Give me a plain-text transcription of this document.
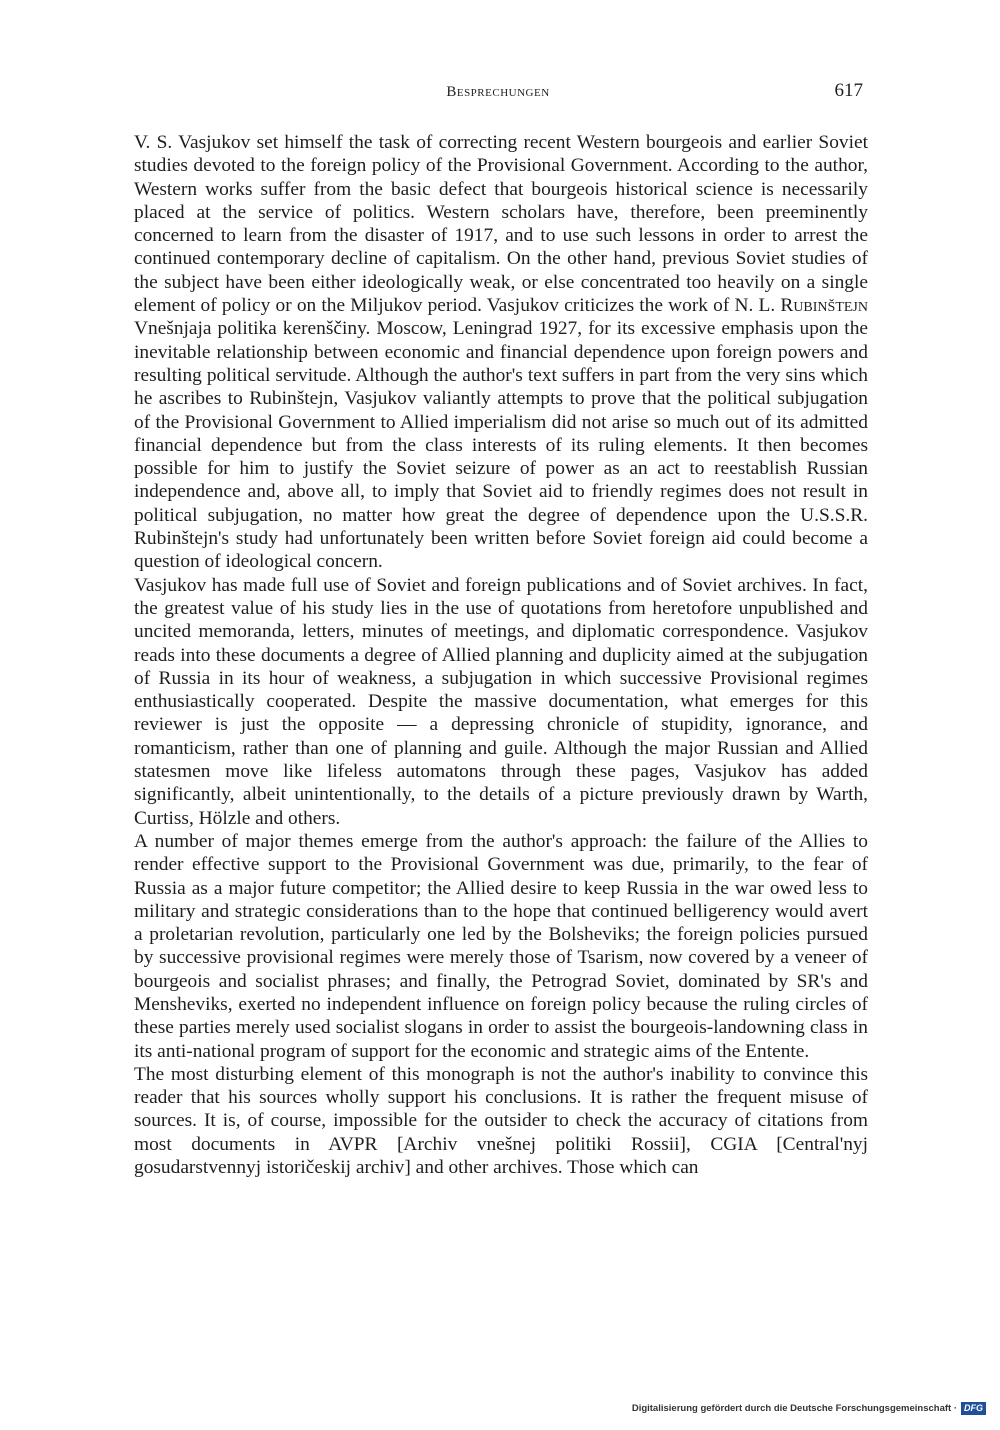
Besprechungen	617

V. S. Vasjukov set himself the task of correcting recent Western bourgeois and earlier Soviet studies devoted to the foreign policy of the Provisional Government. According to the author, Western works suffer from the basic defect that bourgeois historical science is necessarily placed at the service of politics. Western scholars have, therefore, been preeminently concerned to learn from the disaster of 1917, and to use such lessons in order to arrest the continued contemporary decline of capitalism. On the other hand, previous Soviet studies of the subject have been either ideologically weak, or else concentrated too heavily on a single element of policy or on the Miljukov period. Vasjukov criticizes the work of N. L. Rubinštejn Vnešnjaja politika kerenščiny. Moscow, Leningrad 1927, for its excessive emphasis upon the inevitable relationship between economic and financial dependence upon foreign powers and resulting political servitude. Although the author's text suffers in part from the very sins which he ascribes to Rubinštejn, Vasjukov valiantly attempts to prove that the political subjugation of the Provisional Government to Allied imperialism did not arise so much out of its admitted financial dependence but from the class interests of its ruling elements. It then becomes possible for him to justify the Soviet seizure of power as an act to reestablish Russian independence and, above all, to imply that Soviet aid to friendly regimes does not result in political subjugation, no matter how great the degree of dependence upon the U.S.S.R. Rubinštejn's study had unfortunately been written before Soviet foreign aid could become a question of ideological concern.

Vasjukov has made full use of Soviet and foreign publications and of Soviet archives. In fact, the greatest value of his study lies in the use of quotations from heretofore unpublished and uncited memoranda, letters, minutes of meetings, and diplomatic correspondence. Vasjukov reads into these documents a degree of Allied planning and duplicity aimed at the subjugation of Russia in its hour of weakness, a subjugation in which successive Provisional regimes enthusiastically cooperated. Despite the massive documentation, what emerges for this reviewer is just the opposite — a depressing chronicle of stupidity, ignorance, and romanticism, rather than one of planning and guile. Although the major Russian and Allied statesmen move like lifeless automatons through these pages, Vasjukov has added significantly, albeit unintentionally, to the details of a picture previously drawn by Warth, Curtiss, Hölzle and others.

A number of major themes emerge from the author's approach: the failure of the Allies to render effective support to the Provisional Government was due, primarily, to the fear of Russia as a major future competitor; the Allied desire to keep Russia in the war owed less to military and strategic considerations than to the hope that continued belligerency would avert a proletarian revolution, particularly one led by the Bolsheviks; the foreign policies pursued by successive provisional regimes were merely those of Tsarism, now covered by a veneer of bourgeois and socialist phrases; and finally, the Petrograd Soviet, dominated by SR's and Mensheviks, exerted no independent influence on foreign policy because the ruling circles of these parties merely used socialist slogans in order to assist the bourgeois-landowning class in its anti-national program of support for the economic and strategic aims of the Entente.

The most disturbing element of this monograph is not the author's inability to convince this reader that his sources wholly support his conclusions. It is rather the frequent misuse of sources. It is, of course, impossible for the outsider to check the accuracy of citations from most documents in AVPR [Archiv vnešnej politiki Rossii], CGIA [Central'nyj gosudarstvennyj istoričeskij archiv] and other archives. Those which can

Digitalisierung gefördert durch die Deutsche Forschungsgemeinschaft · DFG
